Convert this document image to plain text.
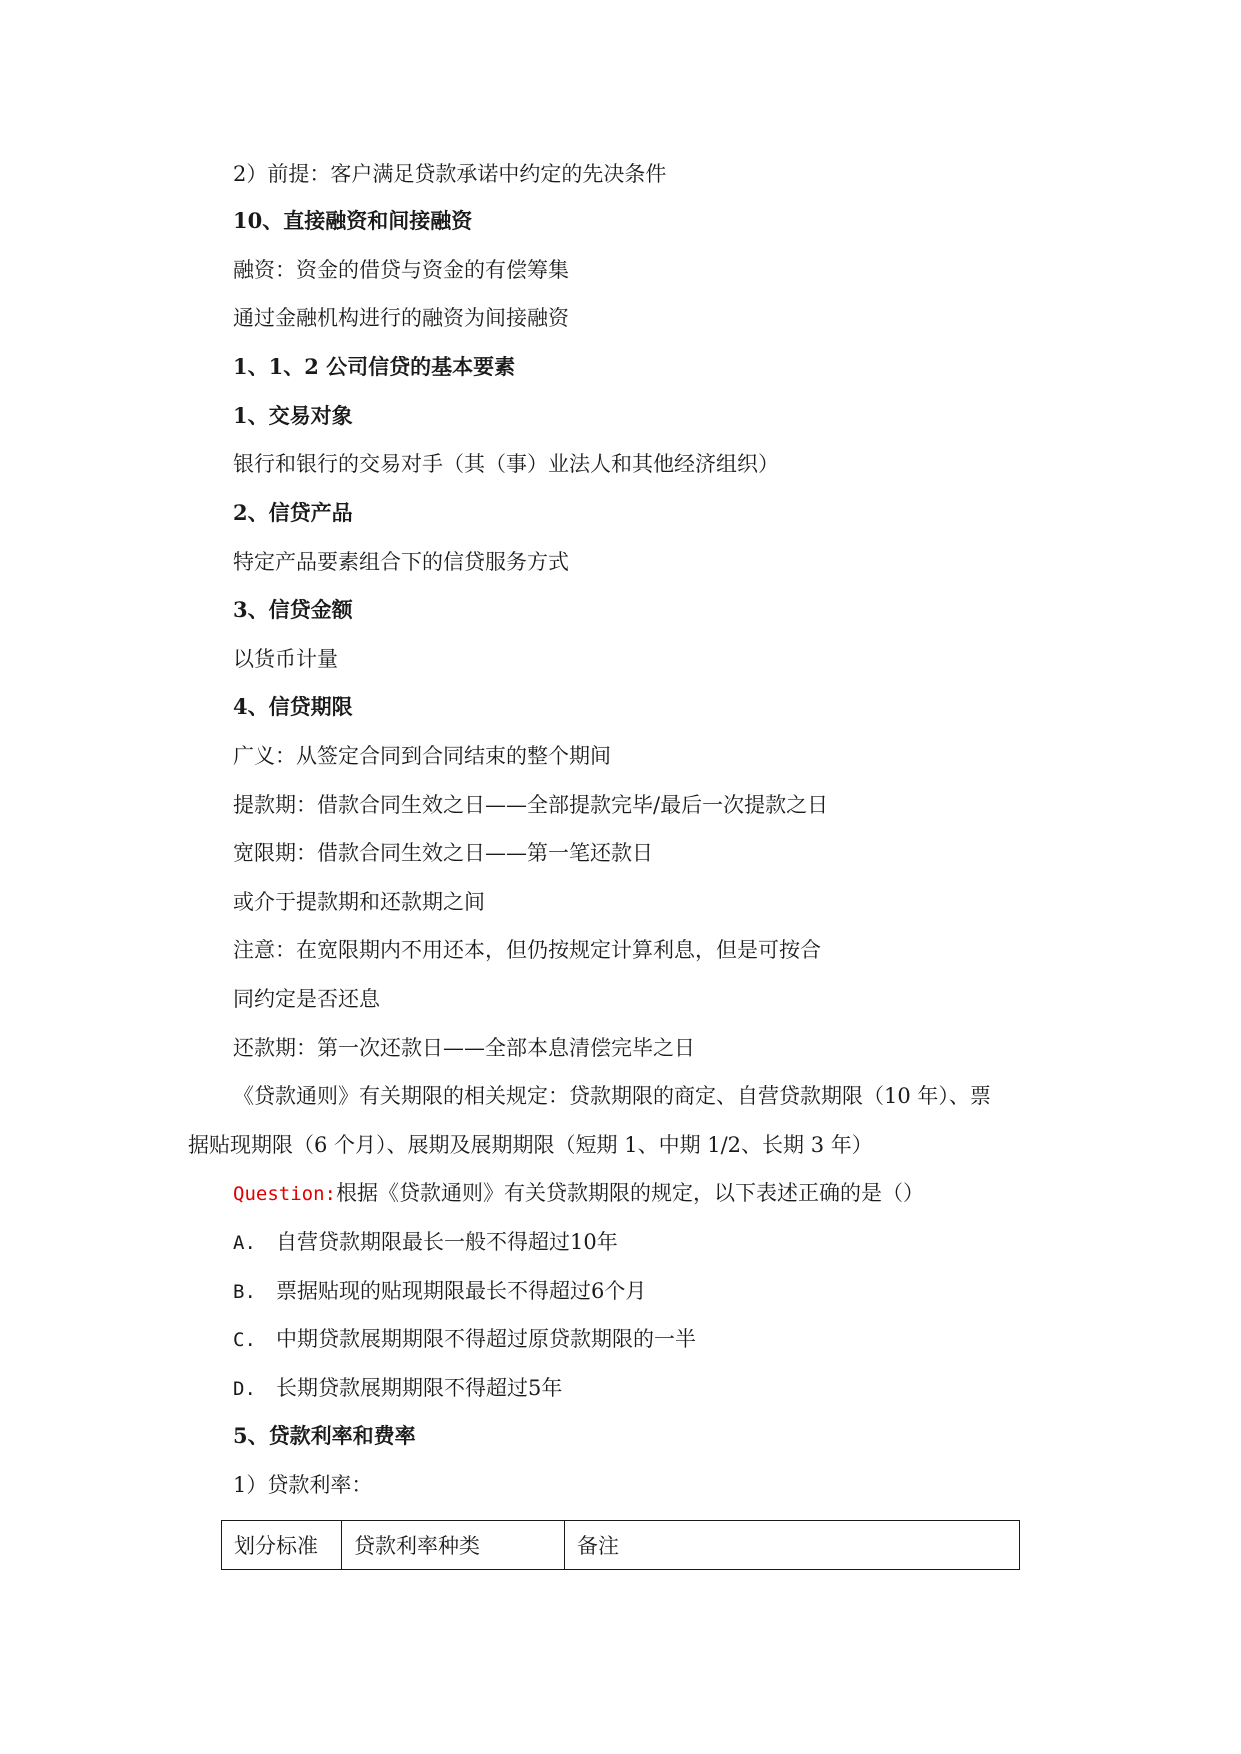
2）前提：客户满足贷款承诺中约定的先决条件
10、直接融资和间接融资
融资：资金的借贷与资金的有偿筹集
通过金融机构进行的融资为间接融资
1、1、2 公司信贷的基本要素
1、交易对象
银行和银行的交易对手（其（事）业法人和其他经济组织）
2、信贷产品
特定产品要素组合下的信贷服务方式
3、信贷金额
以货币计量
4、信贷期限
广义：从签定合同到合同结束的整个期间
提款期：借款合同生效之日——全部提款完毕/最后一次提款之日
宽限期：借款合同生效之日——第一笔还款日
或介于提款期和还款期之间
注意：在宽限期内不用还本，但仍按规定计算利息，但是可按合
同约定是否还息
还款期：第一次还款日——全部本息清偿完毕之日
《贷款通则》有关期限的相关规定：贷款期限的商定、自营贷款期限（10 年）、票
据贴现期限（6 个月）、展期及展期期限（短期 1、中期 1/2、长期 3 年）
Question:根据《贷款通则》有关贷款期限的规定，以下表述正确的是（）
A. 自营贷款期限最长一般不得超过10年
B. 票据贴现的贴现期限最长不得超过6个月
C. 中期贷款展期期限不得超过原贷款期限的一半
D. 长期贷款展期期限不得超过5年
5、贷款利率和费率
1）贷款利率：
划分标准	贷款利率种类	备注
